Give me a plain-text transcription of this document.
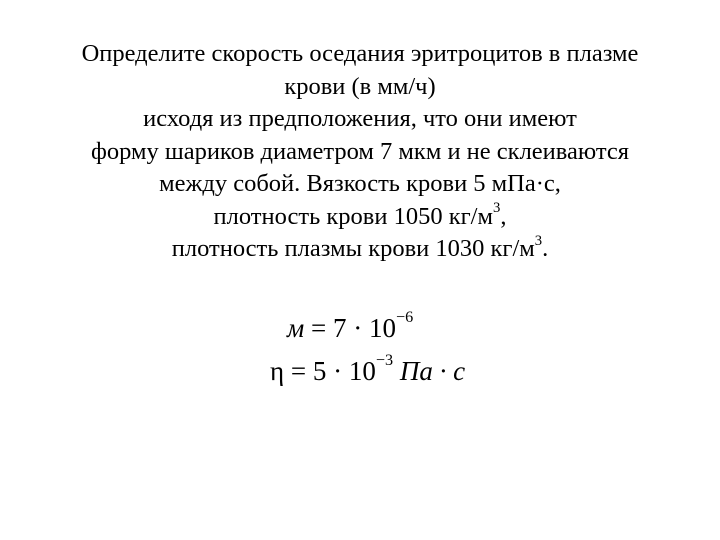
Определите скорость оседания эритроцитов в плазме
крови (в мм/ч)
исходя из предположения, что они имеют
форму шариков диаметром 7 мкм и не склеиваются
между собой. Вязкость крови 5 мПа·с,
плотность крови 1050 $кг/м^3$,
плотность плазмы крови 1030 $кг/м^3$.
$м = 7 \cdot 10^{-6}$
$\eta = 5 \cdot 10^{-3}$ Па · с
